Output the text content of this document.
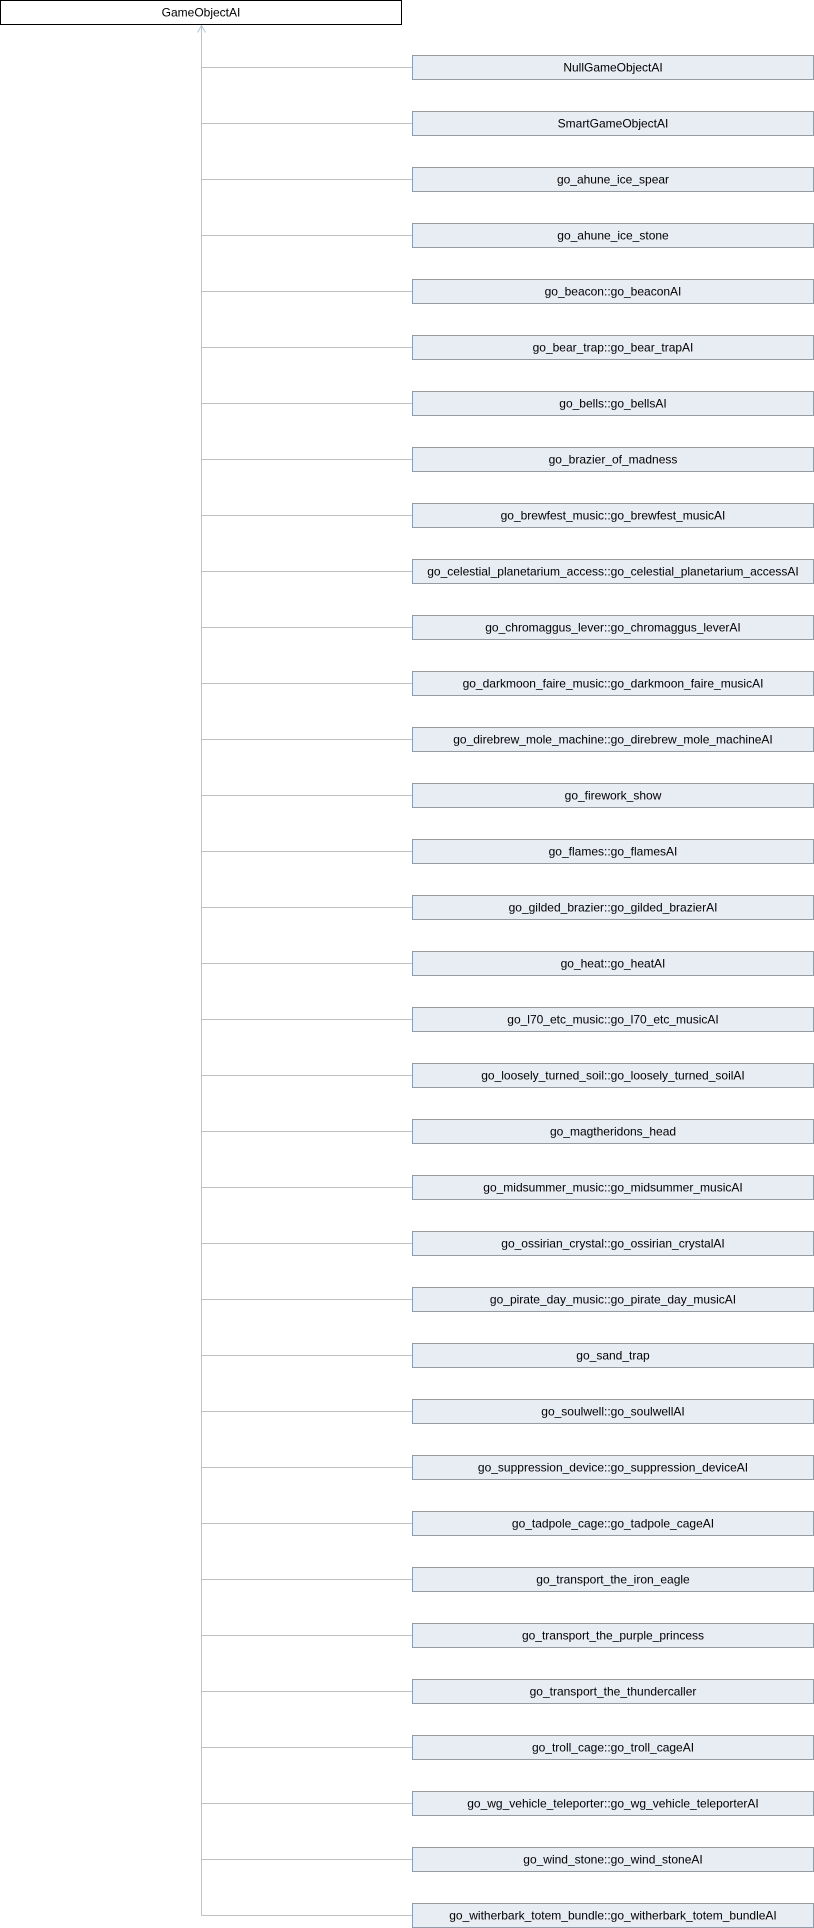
GameObjectAI
NullGameObjectAI
SmartGameObjectAI
go_ahune_ice_spear
go_ahune_ice_stone
go_beacon::go_beaconAI
go_bear_trap::go_bear_trapAI
go_bells::go_bellsAI
go_brazier_of_madness
go_brewfest_music::go_brewfest_musicAI
go_celestial_planetarium_access::go_celestial_planetarium_accessAI
go_chromaggus_lever::go_chromaggus_leverAI
go_darkmoon_faire_music::go_darkmoon_faire_musicAI
go_direbrew_mole_machine::go_direbrew_mole_machineAI
go_firework_show
go_flames::go_flamesAI
go_gilded_brazier::go_gilded_brazierAI
go_heat::go_heatAI
go_l70_etc_music::go_l70_etc_musicAI
go_loosely_turned_soil::go_loosely_turned_soilAI
go_magtheridons_head
go_midsummer_music::go_midsummer_musicAI
go_ossirian_crystal::go_ossirian_crystalAI
go_pirate_day_music::go_pirate_day_musicAI
go_sand_trap
go_soulwell::go_soulwellAI
go_suppression_device::go_suppression_deviceAI
go_tadpole_cage::go_tadpole_cageAI
go_transport_the_iron_eagle
go_transport_the_purple_princess
go_transport_the_thundercaller
go_troll_cage::go_troll_cageAI
go_wg_vehicle_teleporter::go_wg_vehicle_teleporterAI
go_wind_stone::go_wind_stoneAI
go_witherbark_totem_bundle::go_witherbark_totem_bundleAI
